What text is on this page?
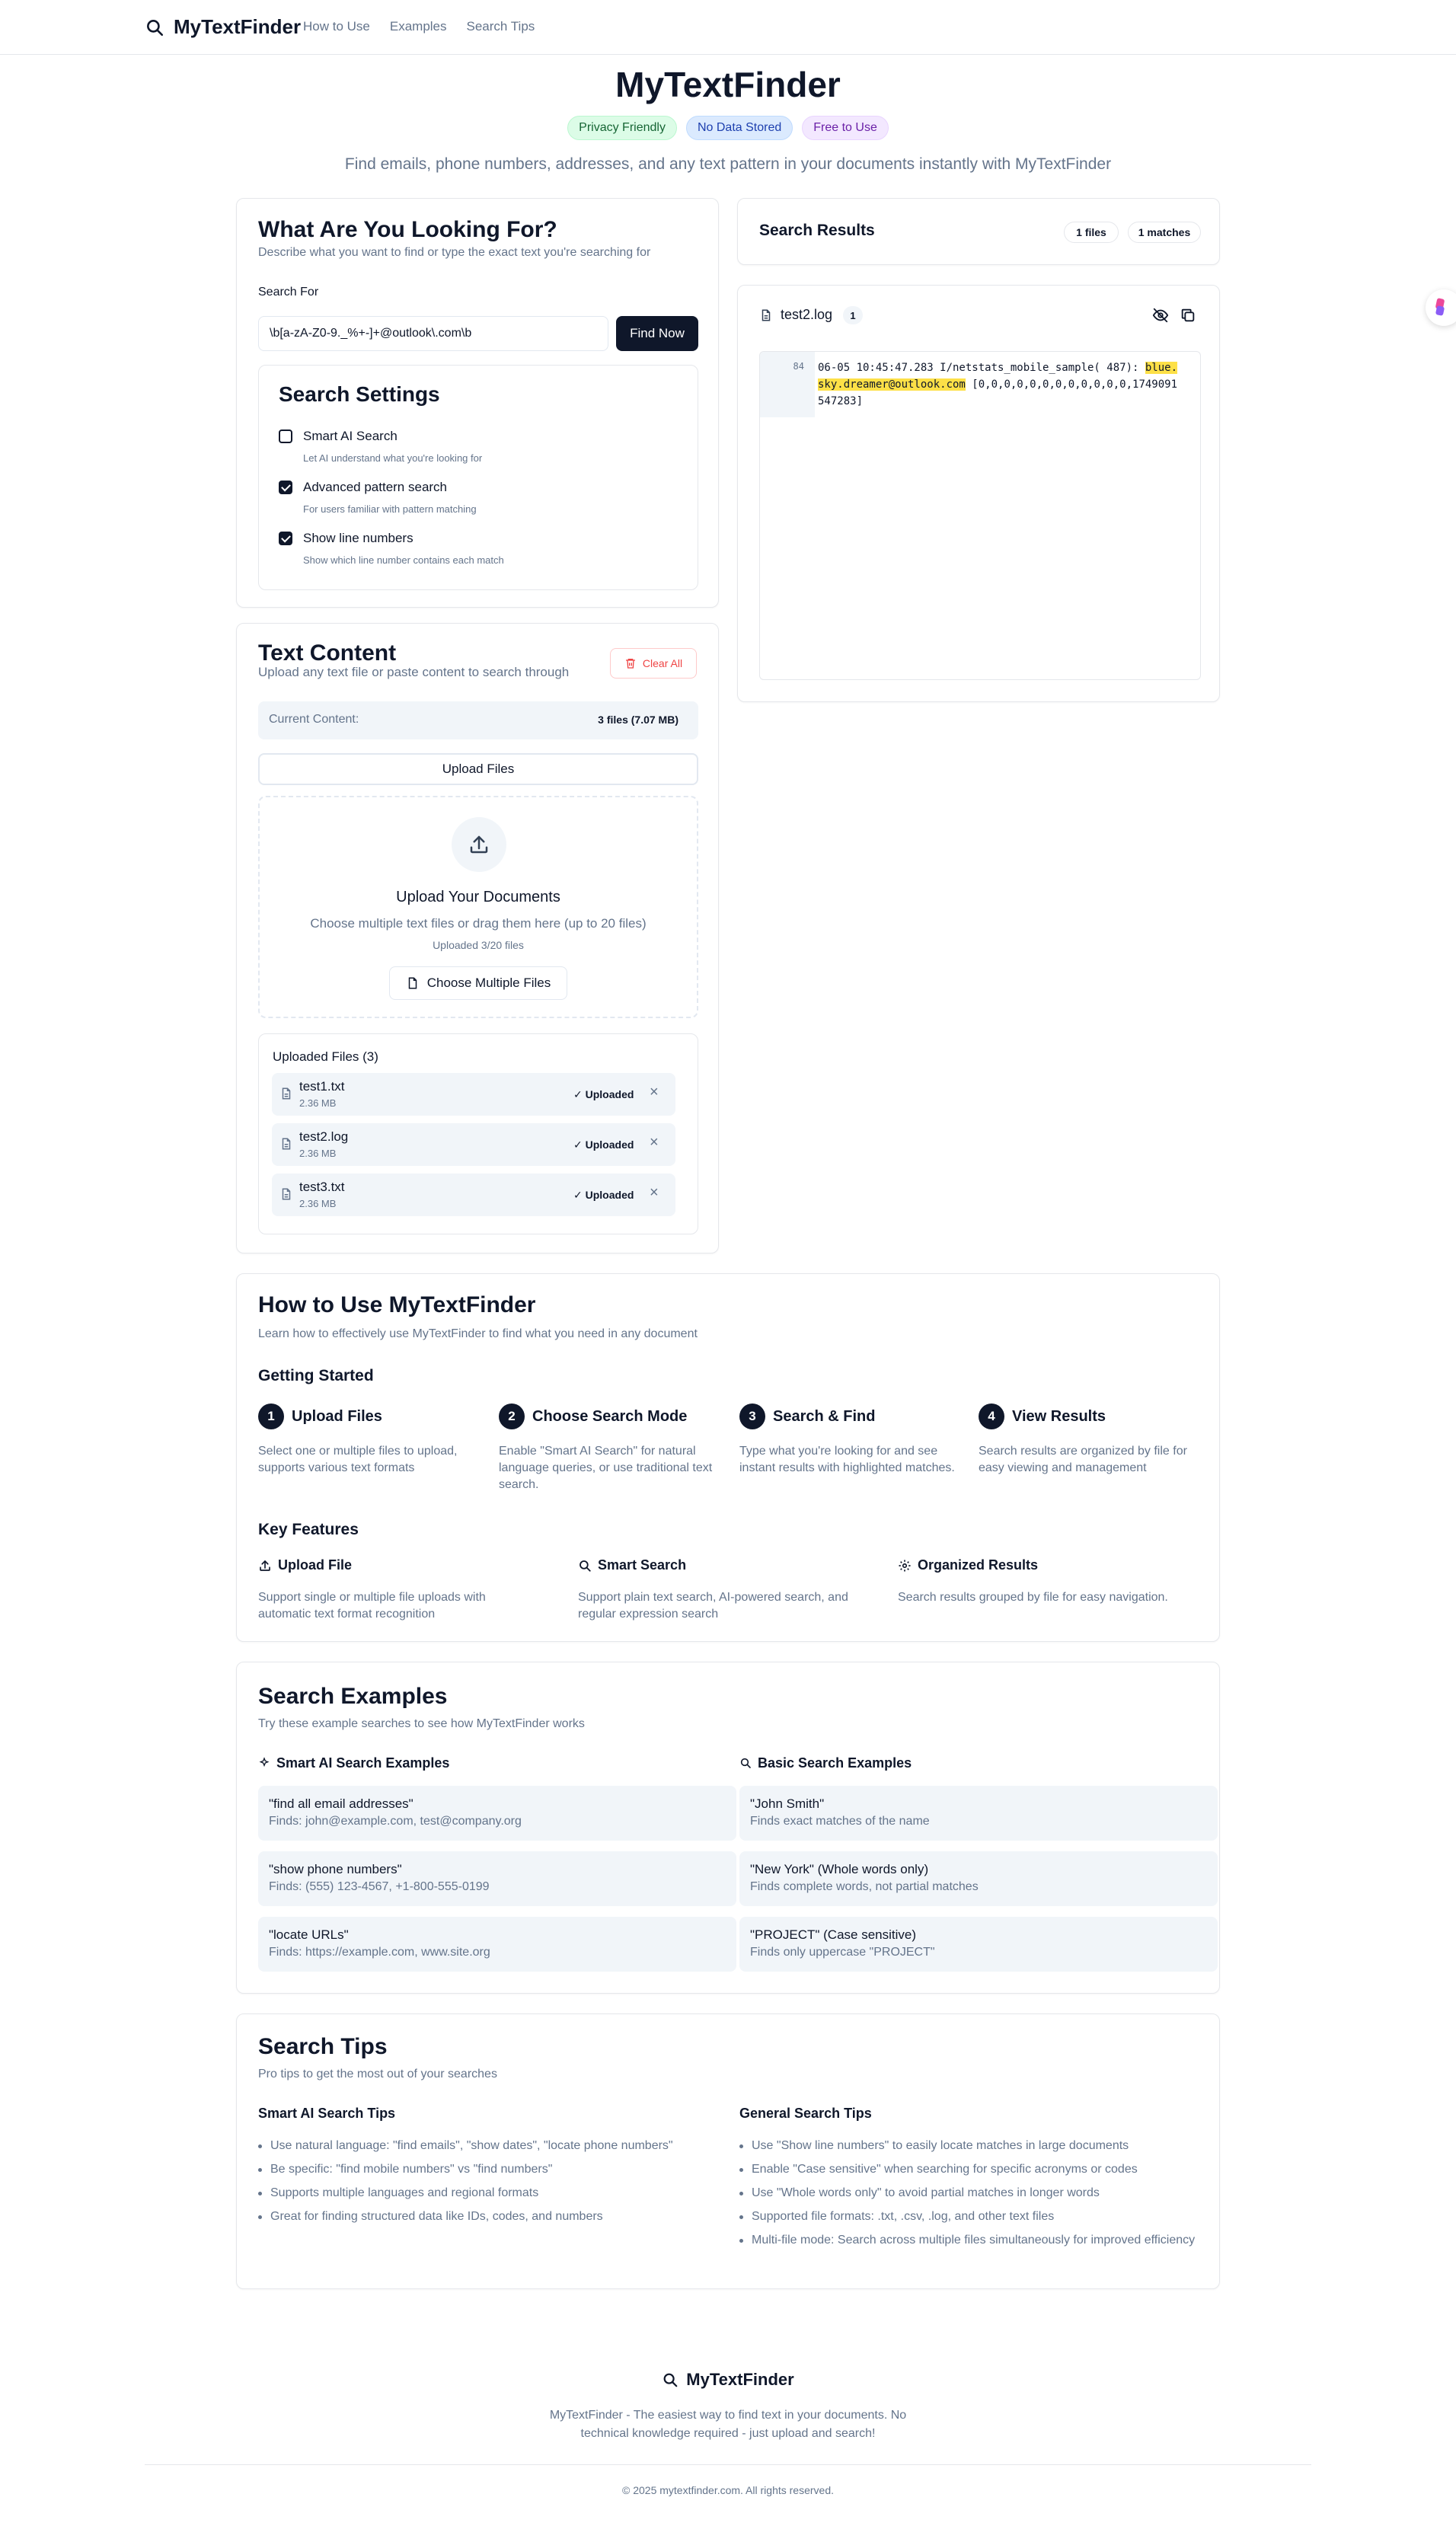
MyTextFinder How to Use Examples Search Tips
MyTextFinder
Privacy Friendly	No Data Stored	Free to Use
Find emails, phone numbers, addresses, and any text pattern in your documents instantly with MyTextFinder
What Are You Looking For?
Describe what you want to find or type the exact text you're searching for
Search For
\b[a-zA-Z0-9._%+-]+@outlook\.com\b	Find Now
Search Settings
Smart AI Search
Let AI understand what you're looking for
Advanced pattern search
For users familiar with pattern matching
Show line numbers
Show which line number contains each match
Text Content
Upload any text file or paste content to search through
Clear All
Current Content:	3 files (7.07 MB)
Upload Files
Upload Your Documents
Choose multiple text files or drag them here (up to 20 files)
Uploaded 3/20 files
Choose Multiple Files
Uploaded Files (3)
test1.txt
2.36 MB
✓ Uploaded ×
test2.log
2.36 MB
✓ Uploaded ×
test3.txt
2.36 MB
✓ Uploaded ×
Search Results	1 files	1 matches
test2.log	1
84	06-05 10:45:47.283 I/netstats_mobile_sample( 487): blue.
sky.dreamer@outlook.com [0,0,0,0,0,0,0,0,0,0,0,0,1749091
547283]
How to Use MyTextFinder
Learn how to effectively use MyTextFinder to find what you need in any document
Getting Started
1	Upload Files
Select one or multiple files to upload, supports various text formats
2	Choose Search Mode
Enable "Smart AI Search" for natural language queries, or use traditional text search.
3	Search & Find
Type what you're looking for and see instant results with highlighted matches.
4	View Results
Search results are organized by file for easy viewing and management
Key Features
Upload File
Support single or multiple file uploads with automatic text format recognition
Smart Search
Support plain text search, AI-powered search, and regular expression search
Organized Results
Search results grouped by file for easy navigation.
Search Examples
Try these example searches to see how MyTextFinder works
Smart AI Search Examples	Basic Search Examples
"find all email addresses"
Finds: john@example.com, test@company.org
"show phone numbers"
Finds: (555) 123-4567, +1-800-555-0199
"locate URLs"
Finds: https://example.com, www.site.org
"John Smith"
Finds exact matches of the name
"New York" (Whole words only)
Finds complete words, not partial matches
"PROJECT" (Case sensitive)
Finds only uppercase "PROJECT"
Search Tips
Pro tips to get the most out of your searches
Smart AI Search Tips
Use natural language: "find emails", "show dates", "locate phone numbers"
Be specific: "find mobile numbers" vs "find numbers"
Supports multiple languages and regional formats
Great for finding structured data like IDs, codes, and numbers
General Search Tips
Use "Show line numbers" to easily locate matches in large documents
Enable "Case sensitive" when searching for specific acronyms or codes
Use "Whole words only" to avoid partial matches in longer words
Supported file formats: .txt, .csv, .log, and other text files
Multi-file mode: Search across multiple files simultaneously for improved efficiency
MyTextFinder
MyTextFinder - The easiest way to find text in your documents. No technical knowledge required - just upload and search!
© 2025 mytextfinder.com. All rights reserved.
